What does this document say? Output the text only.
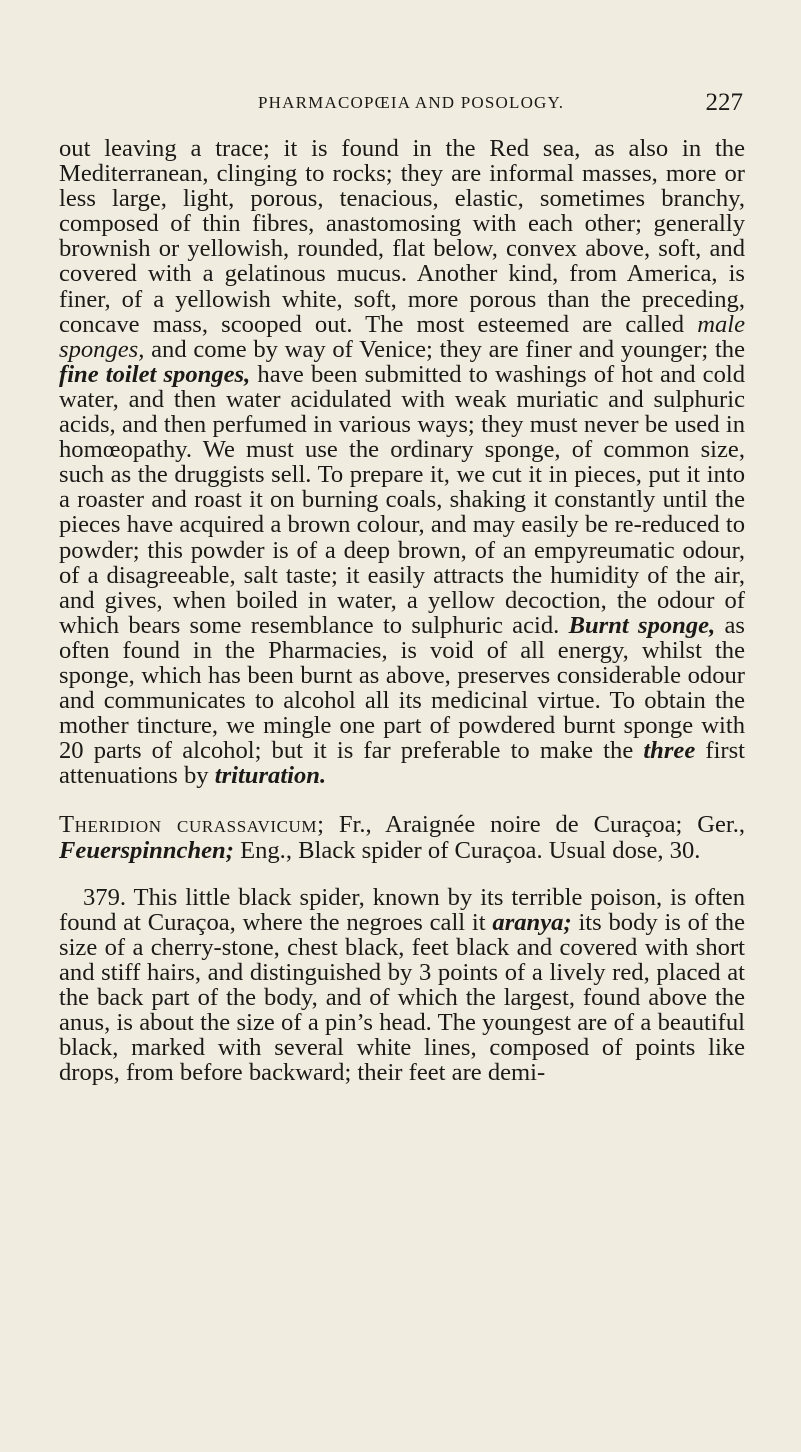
PHARMACOPŒIA AND POSOLOGY.	227

out leaving a trace; it is found in the Red sea, as also in the Mediterranean, clinging to rocks; they are informal masses, more or less large, light, porous, tenacious, elastic, sometimes branchy, composed of thin fibres, anastomosing with each other; generally brownish or yellowish, rounded, flat below, convex above, soft, and covered with a gelatinous mucus. Another kind, from America, is finer, of a yellowish white, soft, more porous than the preceding, concave mass, scooped out. The most esteemed are called male sponges, and come by way of Venice; they are finer and younger; the fine toilet sponges, have been submitted to washings of hot and cold water, and then water acidulated with weak muriatic and sulphuric acids, and then perfumed in various ways; they must never be used in homœopathy. We must use the ordinary sponge, of common size, such as the druggists sell. To prepare it, we cut it in pieces, put it into a roaster and roast it on burning coals, shaking it constantly until the pieces have acquired a brown colour, and may easily be re-reduced to powder; this powder is of a deep brown, of an empyreumatic odour, of a disagreeable, salt taste; it easily attracts the humidity of the air, and gives, when boiled in water, a yellow decoction, the odour of which bears some resemblance to sulphuric acid. Burnt sponge, as often found in the Pharmacies, is void of all energy, whilst the sponge, which has been burnt as above, preserves considerable odour and communicates to alcohol all its medicinal virtue. To obtain the mother tincture, we mingle one part of powdered burnt sponge with 20 parts of alcohol; but it is far preferable to make the three first attenuations by trituration.

Theridion curassavicum; Fr., Araignée noire de Curaçoa; Ger., Feuerspinnchen; Eng., Black spider of Curaçoa. Usual dose, 30.

379. This little black spider, known by its terrible poison, is often found at Curaçoa, where the negroes call it aranya; its body is of the size of a cherry-stone, chest black, feet black and covered with short and stiff hairs, and distinguished by 3 points of a lively red, placed at the back part of the body, and of which the largest, found above the anus, is about the size of a pin’s head. The youngest are of a beautiful black, marked with several white lines, composed of points like drops, from before backward; their feet are demi-
